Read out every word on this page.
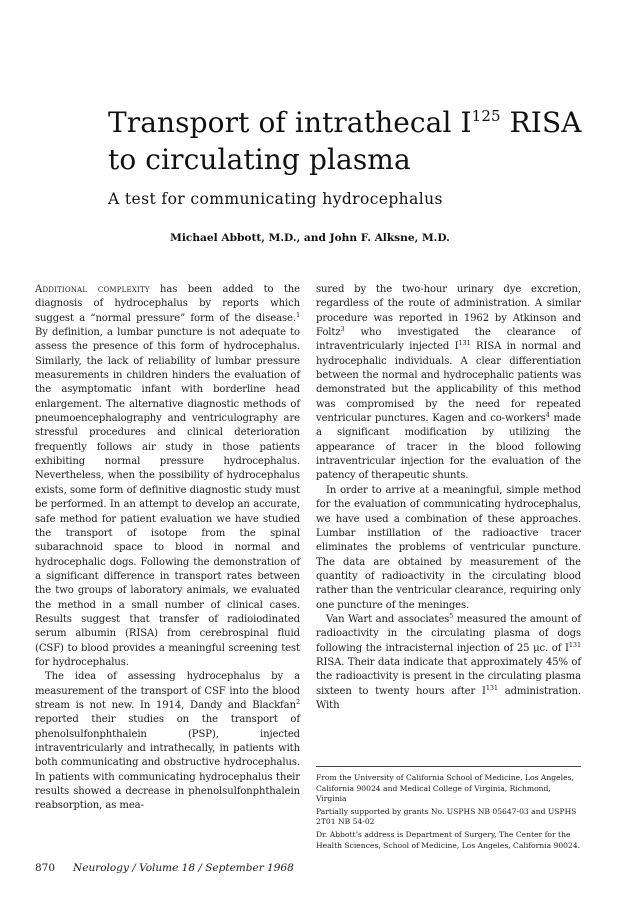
Transport of intrathecal $I^{125}$ RISA
to circulating plasma
A test for communicating hydrocephalus

Michael Abbott, M.D., and John F. Alksne, M.D.

Additional complexity has been added to the diagnosis of hydrocephalus by reports which suggest a “normal pressure” form of the disease.$^1$ By definition, a lumbar puncture is not adequate to assess the presence of this form of hydrocephalus. Similarly, the lack of reliability of lumbar pressure measurements in children hinders the evaluation of the asymptomatic infant with borderline head enlargement. The alternative diagnostic methods of pneumoencephalography and ventriculography are stressful procedures and clinical deterioration frequently follows air study in those patients exhibiting normal pressure hydrocephalus. Nevertheless, when the possibility of hydrocephalus exists, some form of definitive diagnostic study must be performed. In an attempt to develop an accurate, safe method for patient evaluation we have studied the transport of isotope from the spinal subarachnoid space to blood in normal and hydrocephalic dogs. Following the demonstration of a significant difference in transport rates between the two groups of laboratory animals, we evaluated the method in a small number of clinical cases. Results suggest that transfer of radioiodinated serum albumin (RISA) from cerebrospinal fluid (CSF) to blood provides a meaningful screening test for hydrocephalus.

The idea of assessing hydrocephalus by a measurement of the transport of CSF into the blood stream is not new. In 1914, Dandy and Blackfan$^2$ reported their studies on the transport of phenolsulfonphthalein (PSP), injected intraventricularly and intrathecally, in patients with both communicating and obstructive hydrocephalus. In patients with communicating hydrocephalus their results showed a decrease in phenolsulfonphthalein reabsorption, as mea-

sured by the two-hour urinary dye excretion, regardless of the route of administration. A similar procedure was reported in 1962 by Atkinson and Foltz$^3$ who investigated the clearance of intraventricularly injected $I^{131}$ RISA in normal and hydrocephalic individuals. A clear differentiation between the normal and hydrocephalic patients was demonstrated but the applicability of this method was compromised by the need for repeated ventricular punctures. Kagen and co-workers$^4$ made a significant modification by utilizing the appearance of tracer in the blood following intraventricular injection for the evaluation of the patency of therapeutic shunts.

In order to arrive at a meaningful, simple method for the evaluation of communicating hydrocephalus, we have used a combination of these approaches. Lumbar instillation of the radioactive tracer eliminates the problems of ventricular puncture. The data are obtained by measurement of the quantity of radioactivity in the circulating blood rather than the ventricular clearance, requiring only one puncture of the meninges.

Van Wart and associates$^5$ measured the amount of radioactivity in the circulating plasma of dogs following the intracisternal injection of 25 μc. of $I^{131}$ RISA. Their data indicate that approximately 45% of the radioactivity is present in the circulating plasma sixteen to twenty hours after $I^{131}$ administration. With

From the University of California School of Medicine, Los Angeles, California 90024 and Medical College of Virginia, Richmond, Virginia

Partially supported by grants No. USPHS NB 05647-03 and USPHS 2T01 NB 54-02

Dr. Abbott’s address is Department of Surgery, The Center for the Health Sciences, School of Medicine, Los Angeles, California 90024.

870 Neurology / Volume 18 / September 1968
